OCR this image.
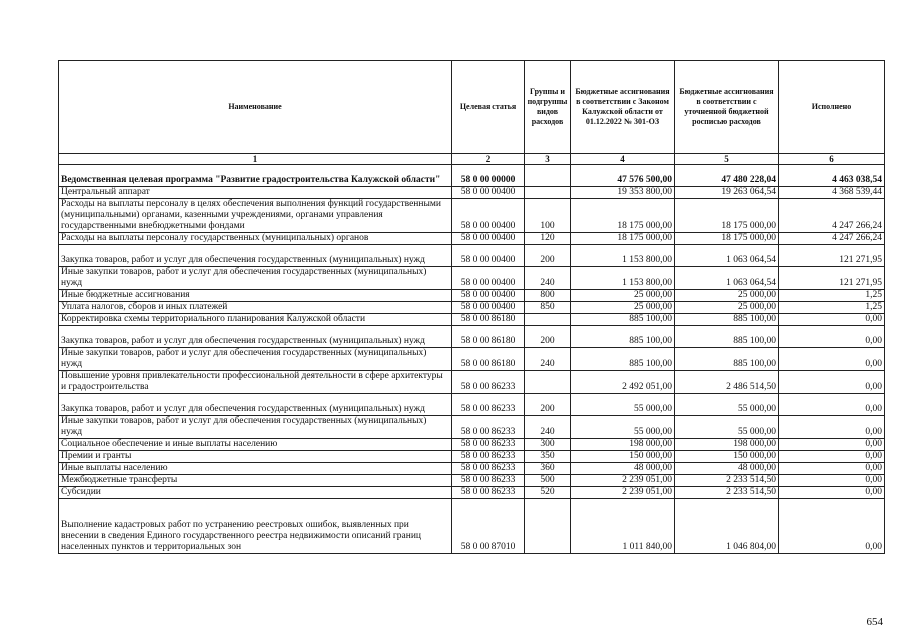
Наименование	Целевая статья	Группы и подгруппы видов расходов	Бюджетные ассигнования в соответствии с Законом Калужской области от 01.12.2022 № 301-ОЗ	Бюджетные ассигнования в соответствии с уточненной бюджетной росписью расходов	Исполнено
1	2	3	4	5	6
Ведомственная целевая программа "Развитие градостроительства Калужской области"	58 0 00 00000		47 576 500,00	47 480 228,04	4 463 038,54
Центральный аппарат	58 0 00 00400		19 353 800,00	19 263 064,54	4 368 539,44
Расходы на выплаты персоналу в целях обеспечения выполнения функций государственными (муниципальными) органами, казенными учреждениями, органами управления государственными внебюджетными фондами	58 0 00 00400	100	18 175 000,00	18 175 000,00	4 247 266,24
Расходы на выплаты персоналу государственных (муниципальных) органов	58 0 00 00400	120	18 175 000,00	18 175 000,00	4 247 266,24
Закупка товаров, работ и услуг для обеспечения государственных (муниципальных) нужд	58 0 00 00400	200	1 153 800,00	1 063 064,54	121 271,95
Иные закупки товаров, работ и услуг для обеспечения государственных (муниципальных) нужд	58 0 00 00400	240	1 153 800,00	1 063 064,54	121 271,95
Иные бюджетные ассигнования	58 0 00 00400	800	25 000,00	25 000,00	1,25
Уплата налогов, сборов и иных платежей	58 0 00 00400	850	25 000,00	25 000,00	1,25
Корректировка схемы территориального планирования Калужской области	58 0 00 86180		885 100,00	885 100,00	0,00
Закупка товаров, работ и услуг для обеспечения государственных (муниципальных) нужд	58 0 00 86180	200	885 100,00	885 100,00	0,00
Иные закупки товаров, работ и услуг для обеспечения государственных (муниципальных) нужд	58 0 00 86180	240	885 100,00	885 100,00	0,00
Повышение уровня привлекательности профессиональной деятельности в сфере архитектуры и градостроительства	58 0 00 86233		2 492 051,00	2 486 514,50	0,00
Закупка товаров, работ и услуг для обеспечения государственных (муниципальных) нужд	58 0 00 86233	200	55 000,00	55 000,00	0,00
Иные закупки товаров, работ и услуг для обеспечения государственных (муниципальных) нужд	58 0 00 86233	240	55 000,00	55 000,00	0,00
Социальное обеспечение и иные выплаты населению	58 0 00 86233	300	198 000,00	198 000,00	0,00
Премии и гранты	58 0 00 86233	350	150 000,00	150 000,00	0,00
Иные выплаты населению	58 0 00 86233	360	48 000,00	48 000,00	0,00
Межбюджетные трансферты	58 0 00 86233	500	2 239 051,00	2 233 514,50	0,00
Субсидии	58 0 00 86233	520	2 239 051,00	2 233 514,50	0,00
Выполнение кадастровых работ по устранению реестровых ошибок, выявленных при внесении в сведения Единого государственного реестра недвижимости описаний границ населенных пунктов и территориальных зон	58 0 00 87010		1 011 840,00	1 046 804,00	0,00
654
